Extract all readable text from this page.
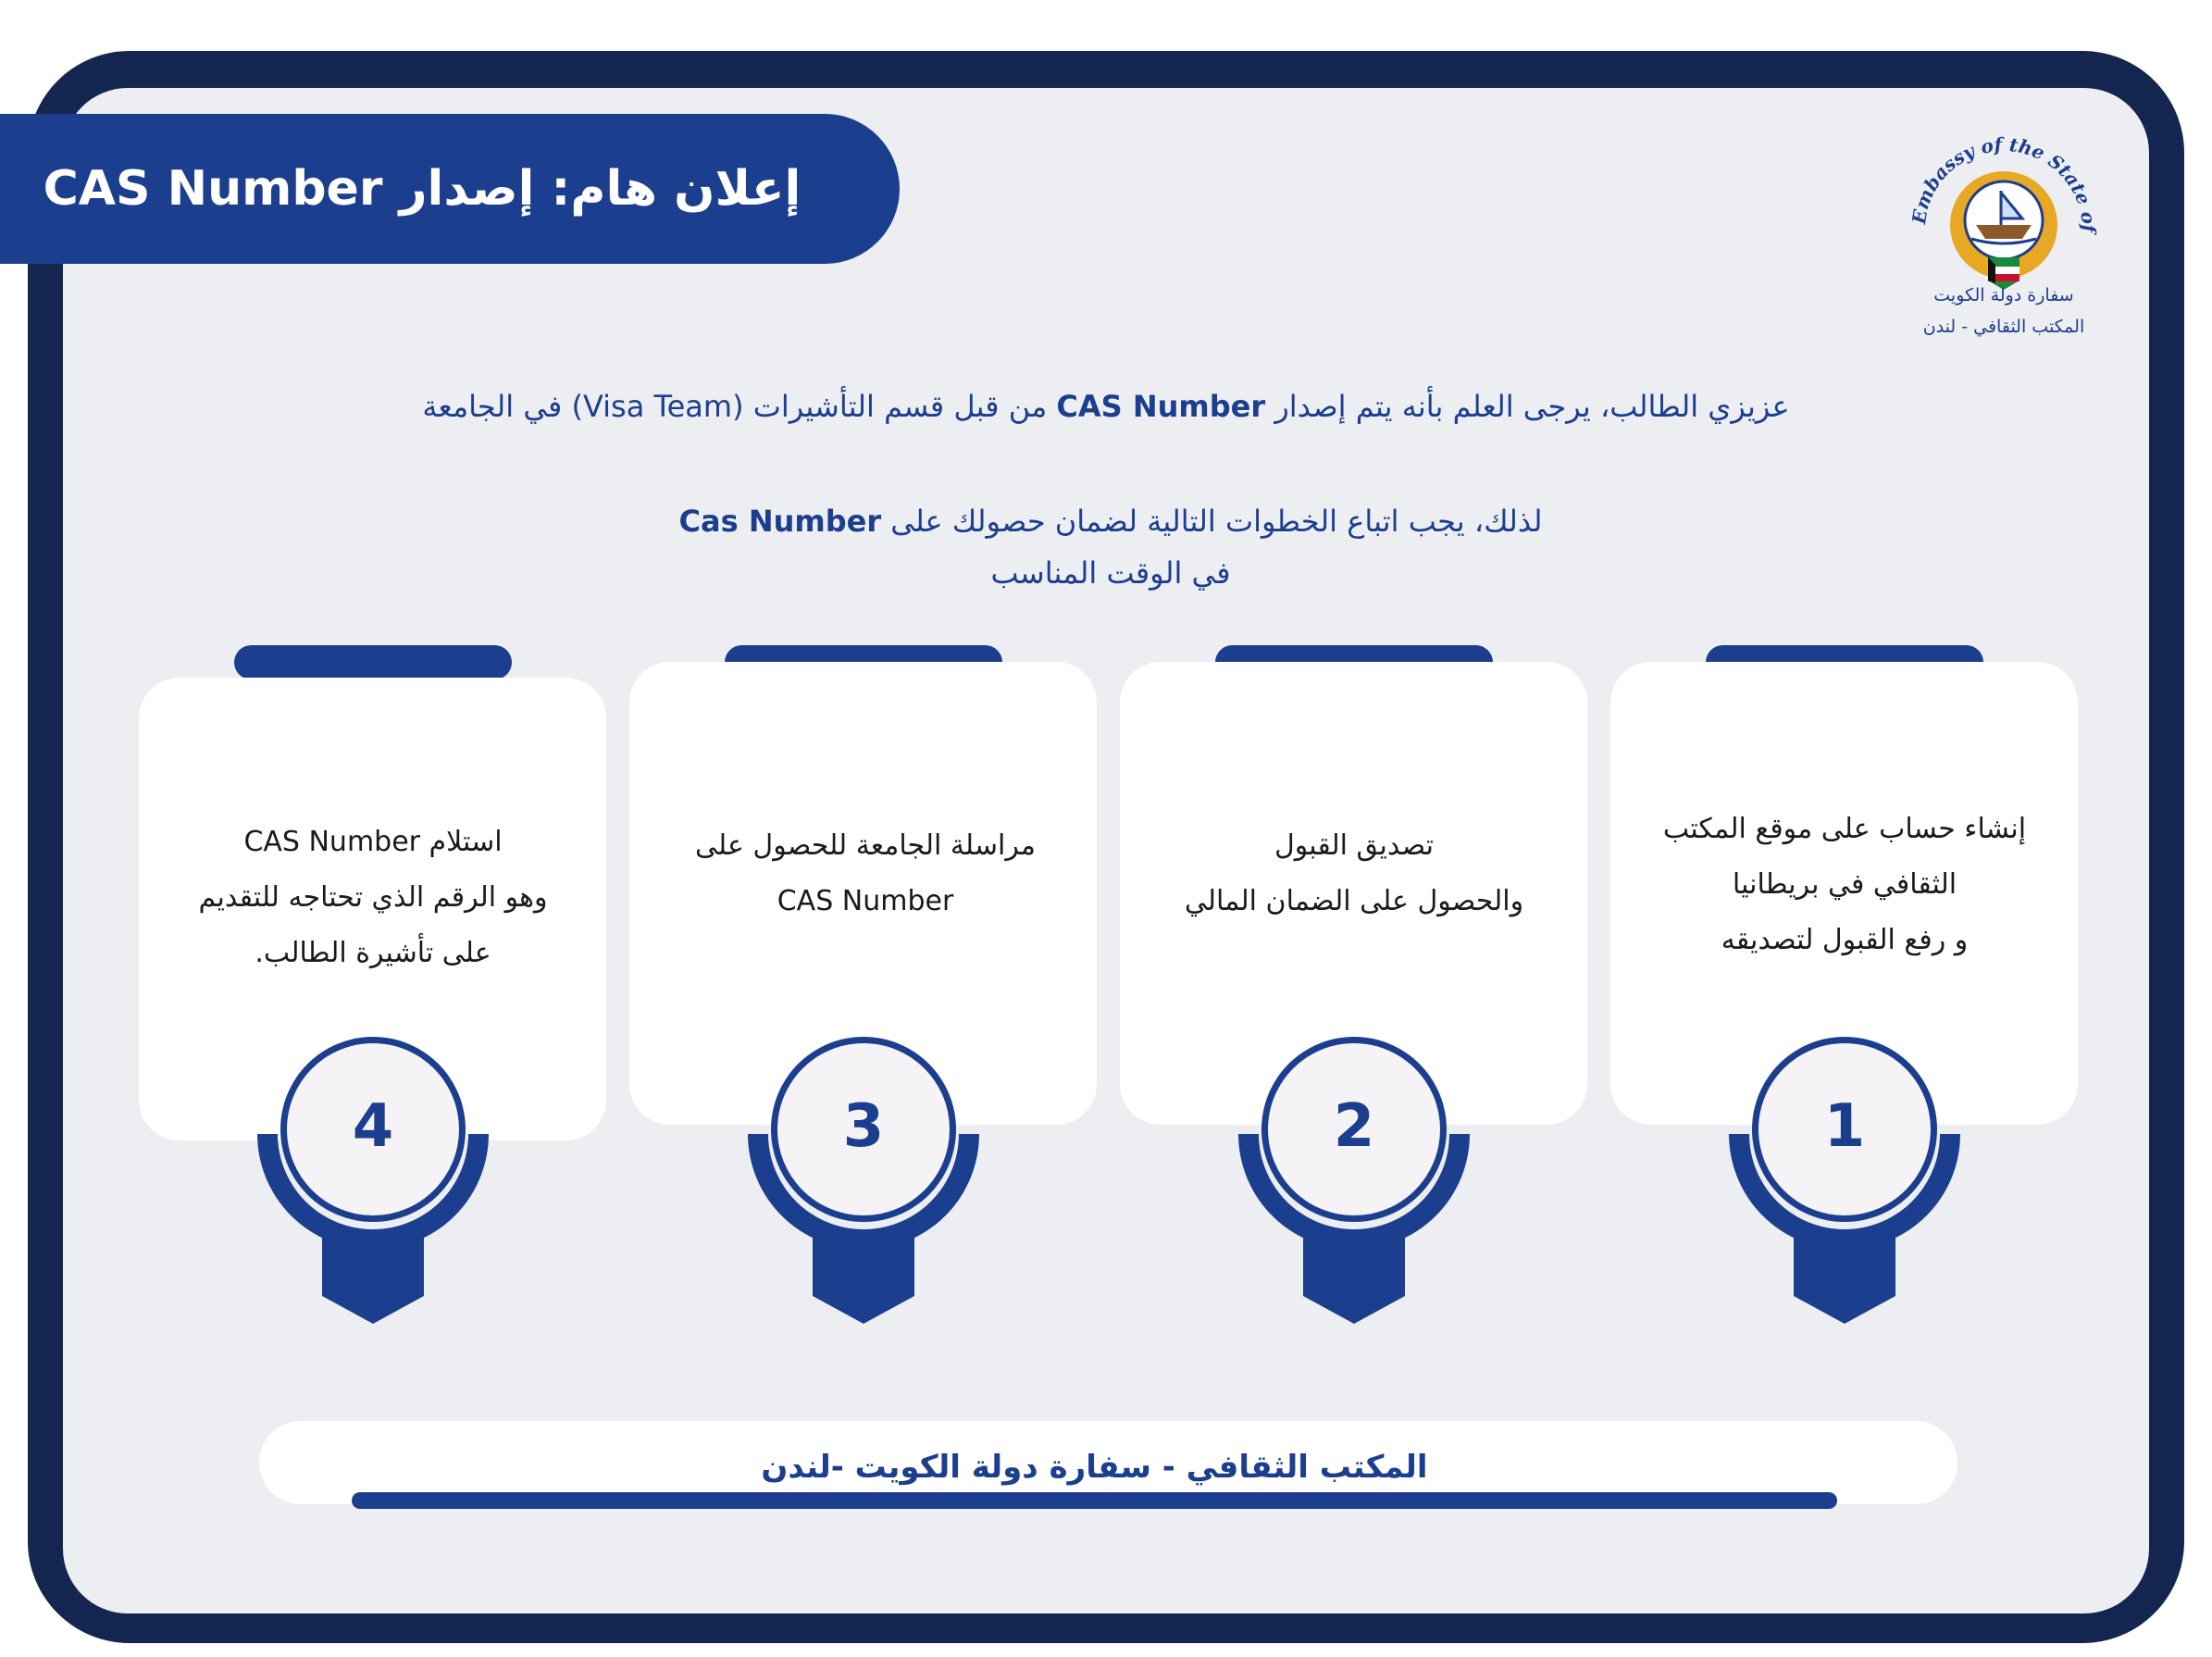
إعلان هام: إصدار CAS Number
Embassy of the State of
سفارة دولة الكويت
المكتب الثقافي - لندن
عزيزي الطالب، يرجى العلم بأنه يتم إصدار CAS Number من قبل قسم التأشيرات (Visa Team) في الجامعة
لذلك، يجب اتباع الخطوات التالية لضمان حصولك على Cas Number
في الوقت المناسب
استلام CAS Number
وهو الرقم الذي تحتاجه للتقديم
على تأشيرة الطالب.
مراسلة الجامعة للحصول على
CAS Number
تصديق القبول
والحصول على الضمان المالي
إنشاء حساب على موقع المكتب
الثقافي في بريطانيا
و رفع القبول لتصديقه
4	3	2	1
المكتب الثقافي - سفارة دولة الكويت -لندن
